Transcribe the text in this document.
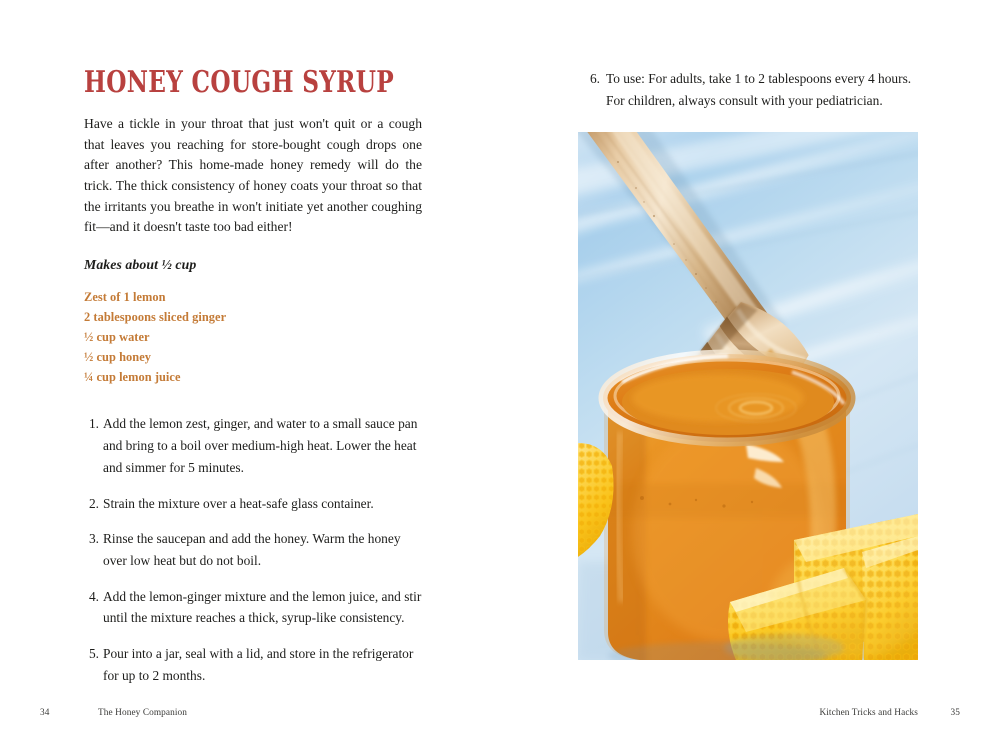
HONEY COUGH SYRUP

Have a tickle in your throat that just won't quit or a cough that leaves you reaching for store-bought cough drops one after another? This home-made honey remedy will do the trick. The thick consistency of honey coats your throat so that the irritants you breathe in won't initiate yet another coughing fit—and it doesn't taste too bad either!

Makes about ½ cup

Zest of 1 lemon
2 tablespoons sliced ginger
½ cup water
½ cup honey
¼ cup lemon juice
Add the lemon zest, ginger, and water to a small sauce pan and bring to a boil over medium-high heat. Lower the heat and simmer for 5 minutes.
Strain the mixture over a heat-safe glass container.
Rinse the saucepan and add the honey. Warm the honey over low heat but do not boil.
Add the lemon-ginger mixture and the lemon juice, and stir until the mixture reaches a thick, syrup-like consistency.
Pour into a jar, seal with a lid, and store in the refrigerator for up to 2 months.
34	The Honey Companion
6. To use: For adults, take 1 to 2 tablespoons every 4 hours. For children, always consult with your pediatrician.
Kitchen Tricks and Hacks	35
